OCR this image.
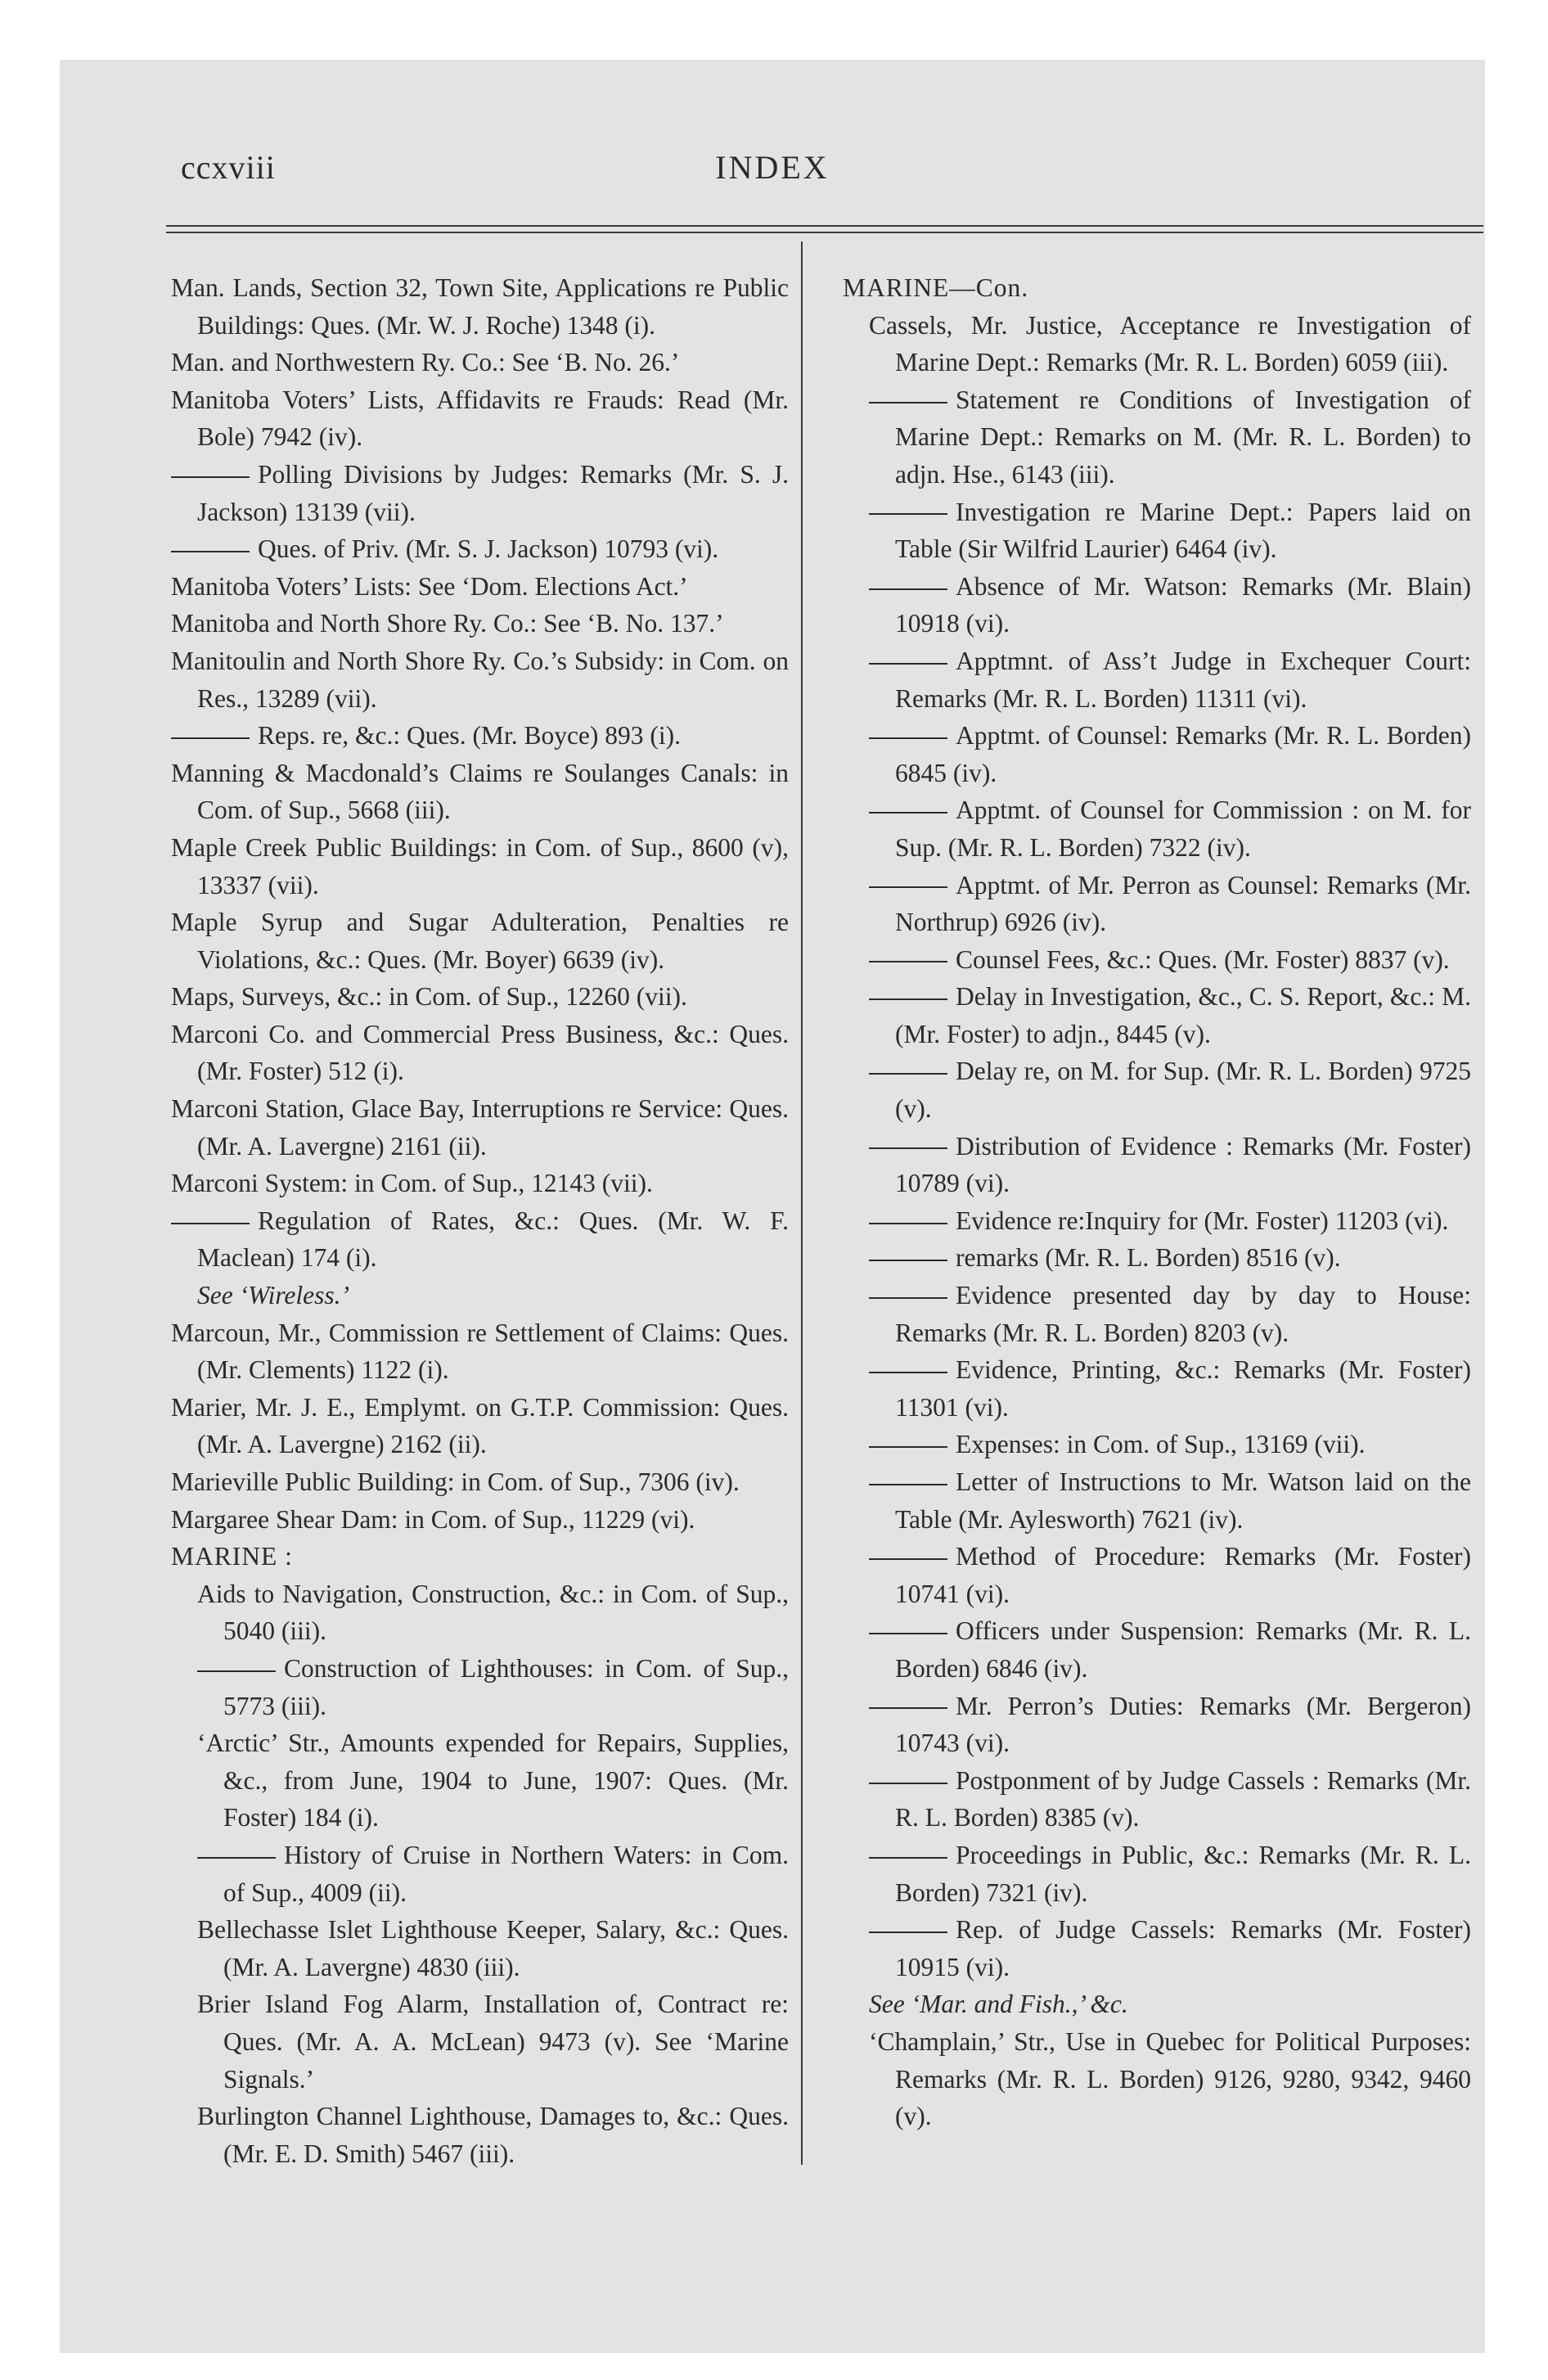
ccxviii	INDEX

Man. Lands, Section 32, Town Site, Applications re Public Buildings: Ques. (Mr. W. J. Roche) 1348 (i).

Man. and Northwestern Ry. Co.: See ‘B. No. 26.’

Manitoba Voters’ Lists, Affidavits re Frauds: Read (Mr. Bole) 7942 (iv).

Polling Divisions by Judges: Remarks (Mr. S. J. Jackson) 13139 (vii).

Ques. of Priv. (Mr. S. J. Jackson) 10793 (vi).

Manitoba Voters’ Lists: See ‘Dom. Elections Act.’

Manitoba and North Shore Ry. Co.: See ‘B. No. 137.’

Manitoulin and North Shore Ry. Co.’s Subsidy: in Com. on Res., 13289 (vii).

Reps. re, &c.: Ques. (Mr. Boyce) 893 (i).

Manning & Macdonald’s Claims re Soulanges Canals: in Com. of Sup., 5668 (iii).

Maple Creek Public Buildings: in Com. of Sup., 8600 (v), 13337 (vii).

Maple Syrup and Sugar Adulteration, Penalties re Violations, &c.: Ques. (Mr. Boyer) 6639 (iv).

Maps, Surveys, &c.: in Com. of Sup., 12260 (vii).

Marconi Co. and Commercial Press Business, &c.: Ques. (Mr. Foster) 512 (i).

Marconi Station, Glace Bay, Interruptions re Service: Ques. (Mr. A. Lavergne) 2161 (ii).

Marconi System: in Com. of Sup., 12143 (vii).

Regulation of Rates, &c.: Ques. (Mr. W. F. Maclean) 174 (i).

See ‘Wireless.’

Marcoun, Mr., Commission re Settlement of Claims: Ques. (Mr. Clements) 1122 (i).

Marier, Mr. J. E., Emplymt. on G.T.P. Commission: Ques. (Mr. A. Lavergne) 2162 (ii).

Marieville Public Building: in Com. of Sup., 7306 (iv).

Margaree Shear Dam: in Com. of Sup., 11229 (vi).

MARINE :

Aids to Navigation, Construction, &c.: in Com. of Sup., 5040 (iii).

Construction of Lighthouses: in Com. of Sup., 5773 (iii).

‘Arctic’ Str., Amounts expended for Repairs, Supplies, &c., from June, 1904 to June, 1907: Ques. (Mr. Foster) 184 (i).

History of Cruise in Northern Waters: in Com. of Sup., 4009 (ii).

Bellechasse Islet Lighthouse Keeper, Salary, &c.: Ques. (Mr. A. Lavergne) 4830 (iii).

Brier Island Fog Alarm, Installation of, Contract re: Ques. (Mr. A. A. McLean) 9473 (v). See ‘Marine Signals.’

Burlington Channel Lighthouse, Damages to, &c.: Ques. (Mr. E. D. Smith) 5467 (iii).

MARINE—Con.

Cassels, Mr. Justice, Acceptance re Investigation of Marine Dept.: Remarks (Mr. R. L. Borden) 6059 (iii).

Statement re Conditions of Investigation of Marine Dept.: Remarks on M. (Mr. R. L. Borden) to adjn. Hse., 6143 (iii).

Investigation re Marine Dept.: Papers laid on Table (Sir Wilfrid Laurier) 6464 (iv).

Absence of Mr. Watson: Remarks (Mr. Blain) 10918 (vi).

Apptmnt. of Ass’t Judge in Exchequer Court: Remarks (Mr. R. L. Borden) 11311 (vi).

Apptmt. of Counsel: Remarks (Mr. R. L. Borden) 6845 (iv).

Apptmt. of Counsel for Commission : on M. for Sup. (Mr. R. L. Borden) 7322 (iv).

Apptmt. of Mr. Perron as Counsel: Remarks (Mr. Northrup) 6926 (iv).

Counsel Fees, &c.: Ques. (Mr. Foster) 8837 (v).

Delay in Investigation, &c., C. S. Report, &c.: M. (Mr. Foster) to adjn., 8445 (v).

Delay re, on M. for Sup. (Mr. R. L. Borden) 9725 (v).

Distribution of Evidence : Remarks (Mr. Foster) 10789 (vi).

Evidence re:Inquiry for (Mr. Foster) 11203 (vi).

remarks (Mr. R. L. Borden) 8516 (v).

Evidence presented day by day to House: Remarks (Mr. R. L. Borden) 8203 (v).

Evidence, Printing, &c.: Remarks (Mr. Foster) 11301 (vi).

Expenses: in Com. of Sup., 13169 (vii).

Letter of Instructions to Mr. Watson laid on the Table (Mr. Aylesworth) 7621 (iv).

Method of Procedure: Remarks (Mr. Foster) 10741 (vi).

Officers under Suspension: Remarks (Mr. R. L. Borden) 6846 (iv).

Mr. Perron’s Duties: Remarks (Mr. Bergeron) 10743 (vi).

Postponment of by Judge Cassels : Remarks (Mr. R. L. Borden) 8385 (v).

Proceedings in Public, &c.: Remarks (Mr. R. L. Borden) 7321 (iv).

Rep. of Judge Cassels: Remarks (Mr. Foster) 10915 (vi).

See ‘Mar. and Fish.,’ &c.

‘Champlain,’ Str., Use in Quebec for Political Purposes: Remarks (Mr. R. L. Borden) 9126, 9280, 9342, 9460 (v).
